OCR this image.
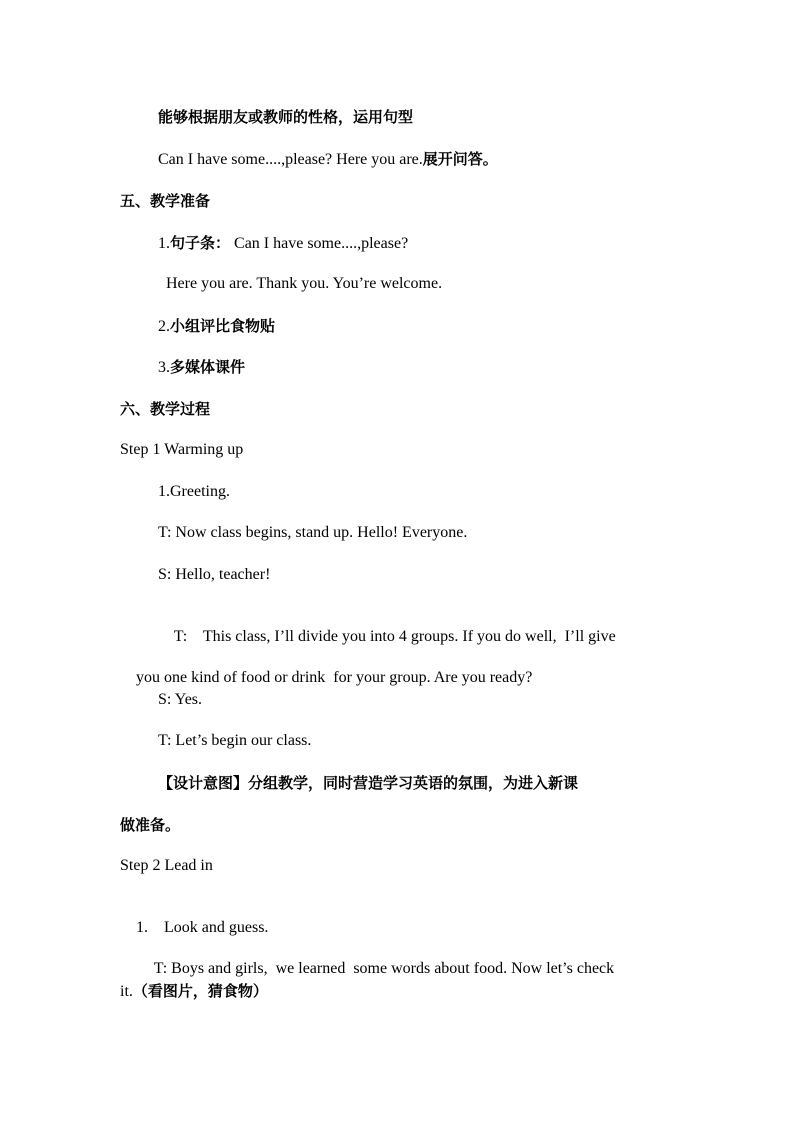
能够根据朋友或教师的性格，运用句型
Can I have some....,please? Here you are.展开问答。
五、教学准备
1.句子条： Can I have some....,please?
Here you are. Thank you. You’re welcome.
2.小组评比食物贴
3.多媒体课件
六、教学过程
Step 1 Warming up
1.Greeting.
T: Now class begins, stand up. Hello! Everyone.
S: Hello, teacher!

T:    This class, I’ll divide you into 4 groups. If you do well,  I’ll give

you one kind of food or drink  for your group. Are you ready?

S: Yes.
T: Let’s begin our class.
【设计意图】分组教学，同时营造学习英语的氛围，为进入新课
做准备。
Step 2 Lead in

1.    Look and guess.

T: Boys and girls,  we learned  some words about food. Now let’s check

it.（看图片，猜食物）
